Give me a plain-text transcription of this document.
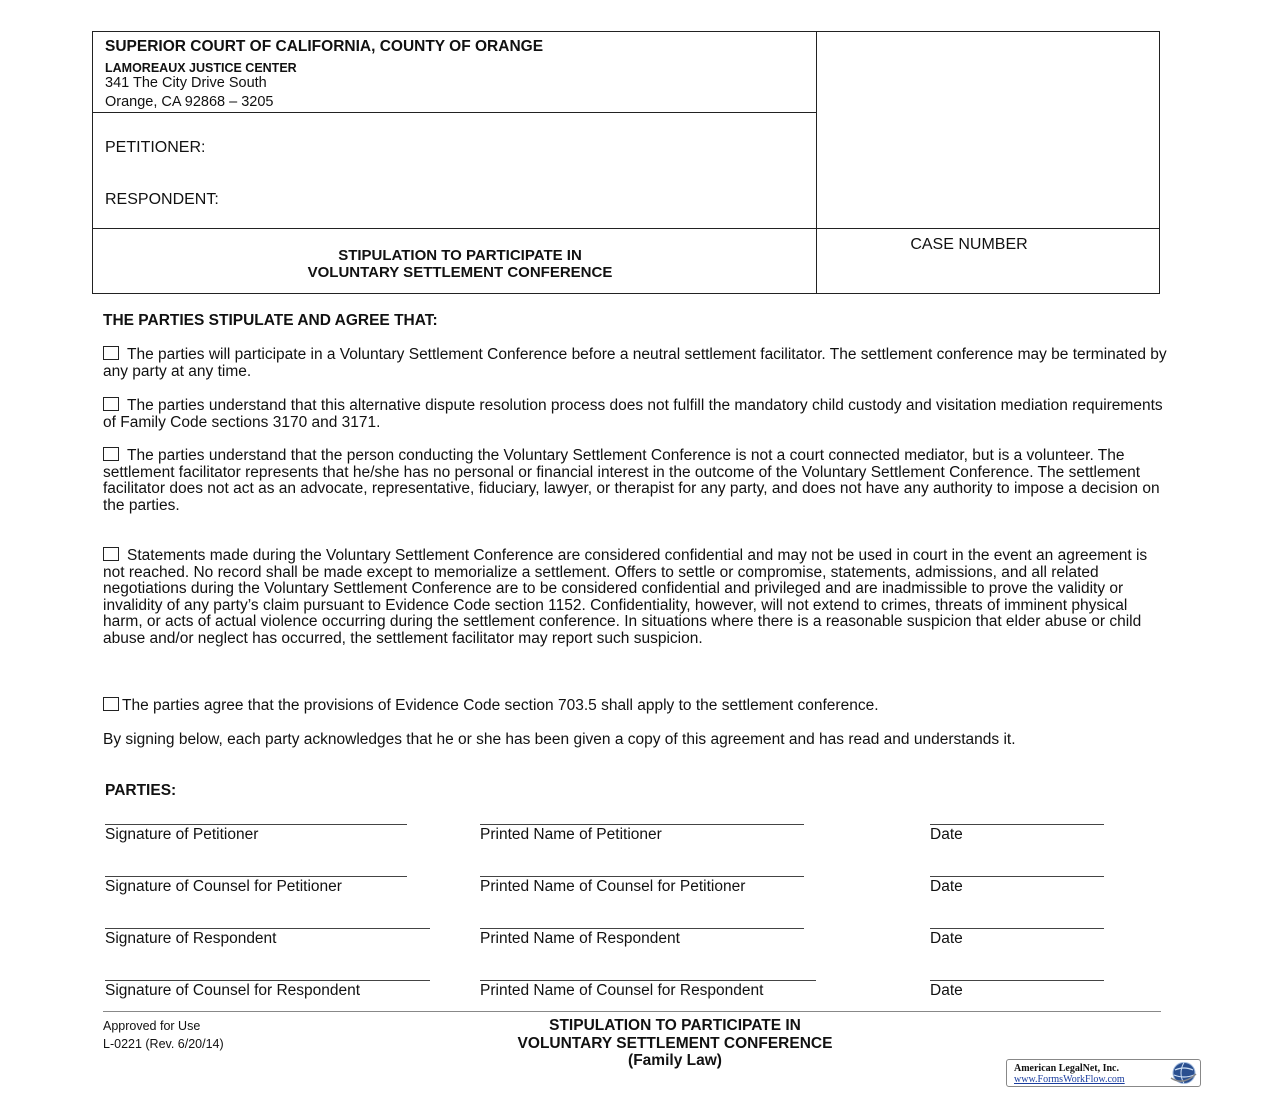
SUPERIOR COURT OF CALIFORNIA, COUNTY OF ORANGE
LAMOREAUX JUSTICE CENTER
341 The City Drive South
Orange, CA 92868 – 3205
PETITIONER:
RESPONDENT:
STIPULATION TO PARTICIPATE IN
VOLUNTARY SETTLEMENT CONFERENCE
CASE NUMBER
THE PARTIES STIPULATE AND AGREE THAT:
The parties will participate in a Voluntary Settlement Conference before a neutral settlement facilitator. The settlement conference may be terminated by any party at any time.
The parties understand that this alternative dispute resolution process does not fulfill the mandatory child custody and visitation mediation requirements of Family Code sections 3170 and 3171.
The parties understand that the person conducting the Voluntary Settlement Conference is not a court connected mediator, but is a volunteer. The settlement facilitator represents that he/she has no personal or financial interest in the outcome of the Voluntary Settlement Conference. The settlement facilitator does not act as an advocate, representative, fiduciary, lawyer, or therapist for any party, and does not have any authority to impose a decision on the parties.
Statements made during the Voluntary Settlement Conference are considered confidential and may not be used in court in the event an agreement is not reached. No record shall be made except to memorialize a settlement. Offers to settle or compromise, statements, admissions, and all related negotiations during the Voluntary Settlement Conference are to be considered confidential and privileged and are inadmissible to prove the validity or invalidity of any party’s claim pursuant to Evidence Code section 1152. Confidentiality, however, will not extend to crimes, threats of imminent physical harm, or acts of actual violence occurring during the settlement conference. In situations where there is a reasonable suspicion that elder abuse or child abuse and/or neglect has occurred, the settlement facilitator may report such suspicion.
The parties agree that the provisions of Evidence Code section 703.5 shall apply to the settlement conference.
By signing below, each party acknowledges that he or she has been given a copy of this agreement and has read and understands it.
PARTIES:
Signature of Petitioner	Printed Name of Petitioner	Date
Signature of Counsel for Petitioner	Printed Name of Counsel for Petitioner	Date
Signature of Respondent	Printed Name of Respondent	Date
Signature of Counsel for Respondent	Printed Name of Counsel for Respondent	Date
Approved for Use
L-0221 (Rev. 6/20/14)
STIPULATION TO PARTICIPATE IN
VOLUNTARY SETTLEMENT CONFERENCE
(Family Law)	American LegalNet, Inc.
www.FormsWorkFlow.com
